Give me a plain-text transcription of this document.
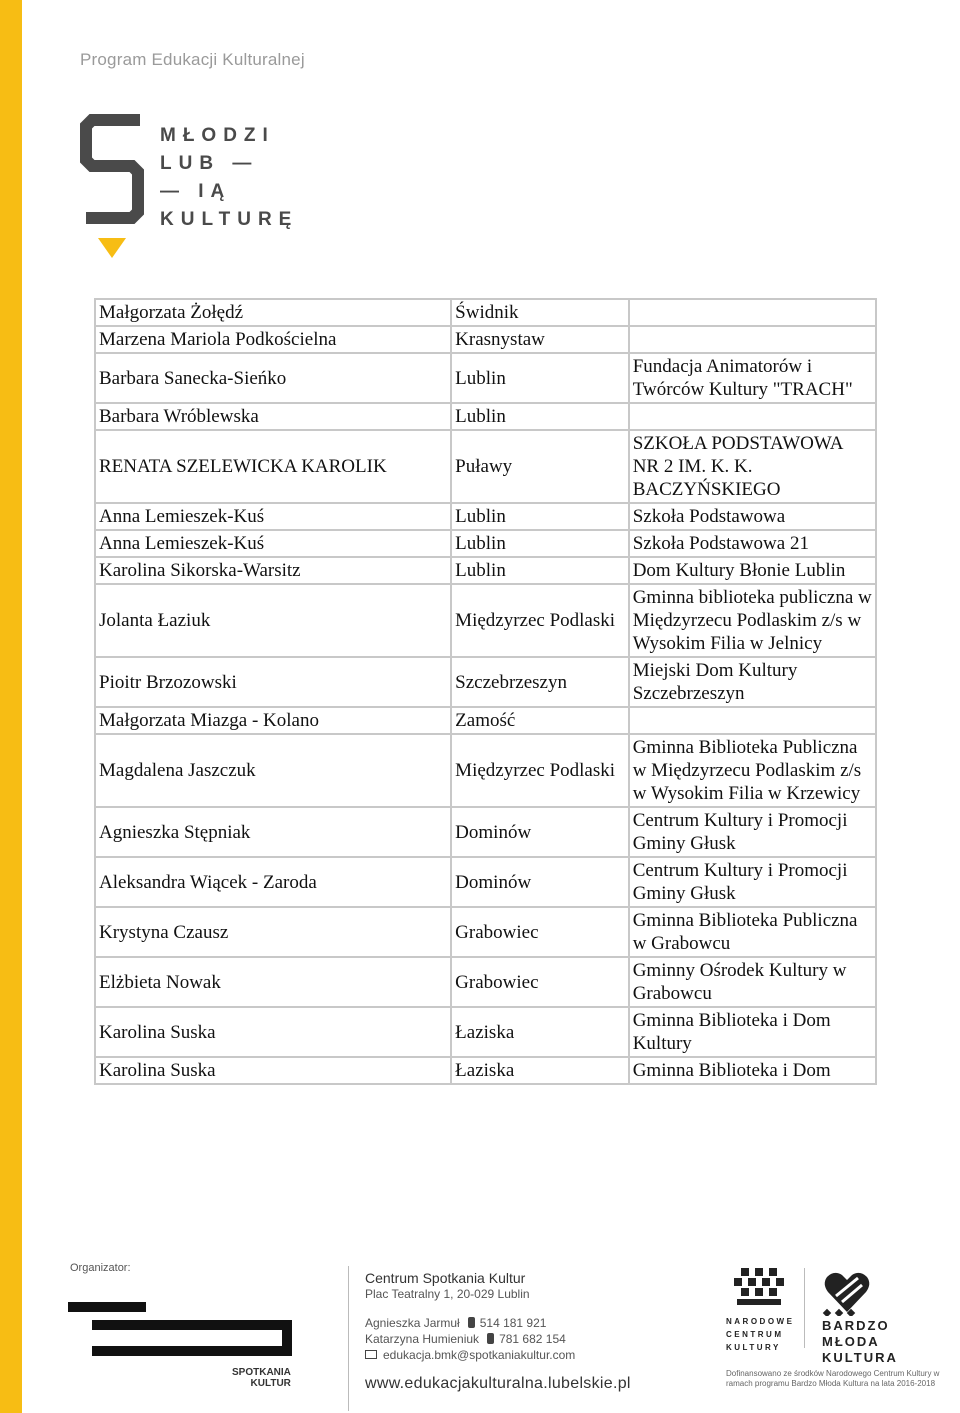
Program Edukacji Kulturalnej
MŁODZI
LUB —
— IĄ
KULTURĘ
Małgorzata Żołędź	Świdnik	
Marzena Mariola Podkościelna	Krasnystaw	
Barbara Sanecka-Sieńko	Lublin	Fundacja Animatorów i Twórców Kultury "TRACH"
Barbara Wróblewska	Lublin	
RENATA SZELEWICKA KAROLIK	Puławy	SZKOŁA PODSTAWOWA NR 2 IM. K. K. BACZYŃSKIEGO
Anna Lemieszek-Kuś	Lublin	Szkoła Podstawowa
Anna Lemieszek-Kuś	Lublin	Szkoła Podstawowa 21
Karolina Sikorska-Warsitz	Lublin	Dom Kultury Błonie Lublin
Jolanta Łaziuk	Międzyrzec Podlaski	Gminna biblioteka publiczna w Międzyrzecu Podlaskim z/s w Wysokim Filia w Jelnicy
Pioitr Brzozowski	Szczebrzeszyn	Miejski Dom Kultury Szczebrzeszyn
Małgorzata Miazga - Kolano	Zamość	
Magdalena Jaszczuk	Międzyrzec Podlaski	Gminna Biblioteka Publiczna w Międzyrzecu Podlaskim z/s w Wysokim Filia w Krzewicy
Agnieszka Stępniak	Dominów	Centrum Kultury i Promocji Gminy Głusk
Aleksandra Wiącek - Zaroda	Dominów	Centrum Kultury i Promocji Gminy Głusk
Krystyna Czausz	Grabowiec	Gminna Biblioteka Publiczna w Grabowcu
Elżbieta Nowak	Grabowiec	Gminny Ośrodek Kultury w Grabowcu
Karolina Suska	Łaziska	Gminna Biblioteka i Dom Kultury
Karolina Suska	Łaziska	Gminna Biblioteka i Dom
Organizator:
SPOTKANIA
KULTUR
Centrum Spotkania Kultur
Plac Teatralny 1, 20-029 Lublin
Agnieszka Jarmuł 514 181 921
Katarzyna Humieniuk 781 682 154
edukacja.bmk@spotkaniakultur.com
www.edukacjakulturalna.lubelskie.pl
NARODOWE
CENTRUM
KULTURY
BARDZO
MŁODA KULTURA
Dofinansowano ze środków Narodowego Centrum Kultury w ramach programu Bardzo Młoda Kultura na lata 2016-2018
